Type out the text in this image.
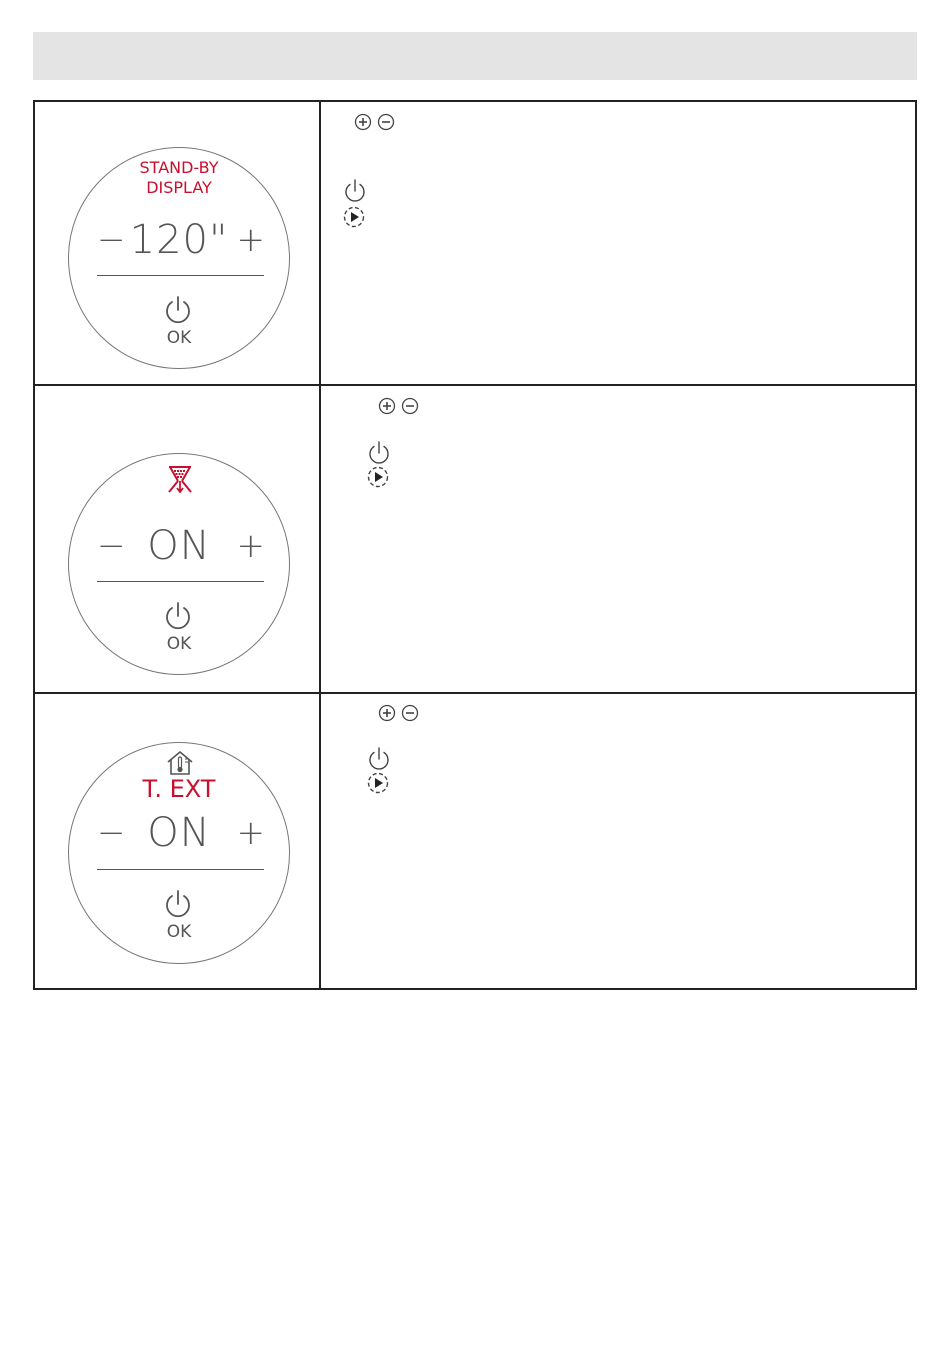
STAND-BY
DISPLAY
− 120" +
OK
− ON +
OK
T. EXT
− ON +
OK
